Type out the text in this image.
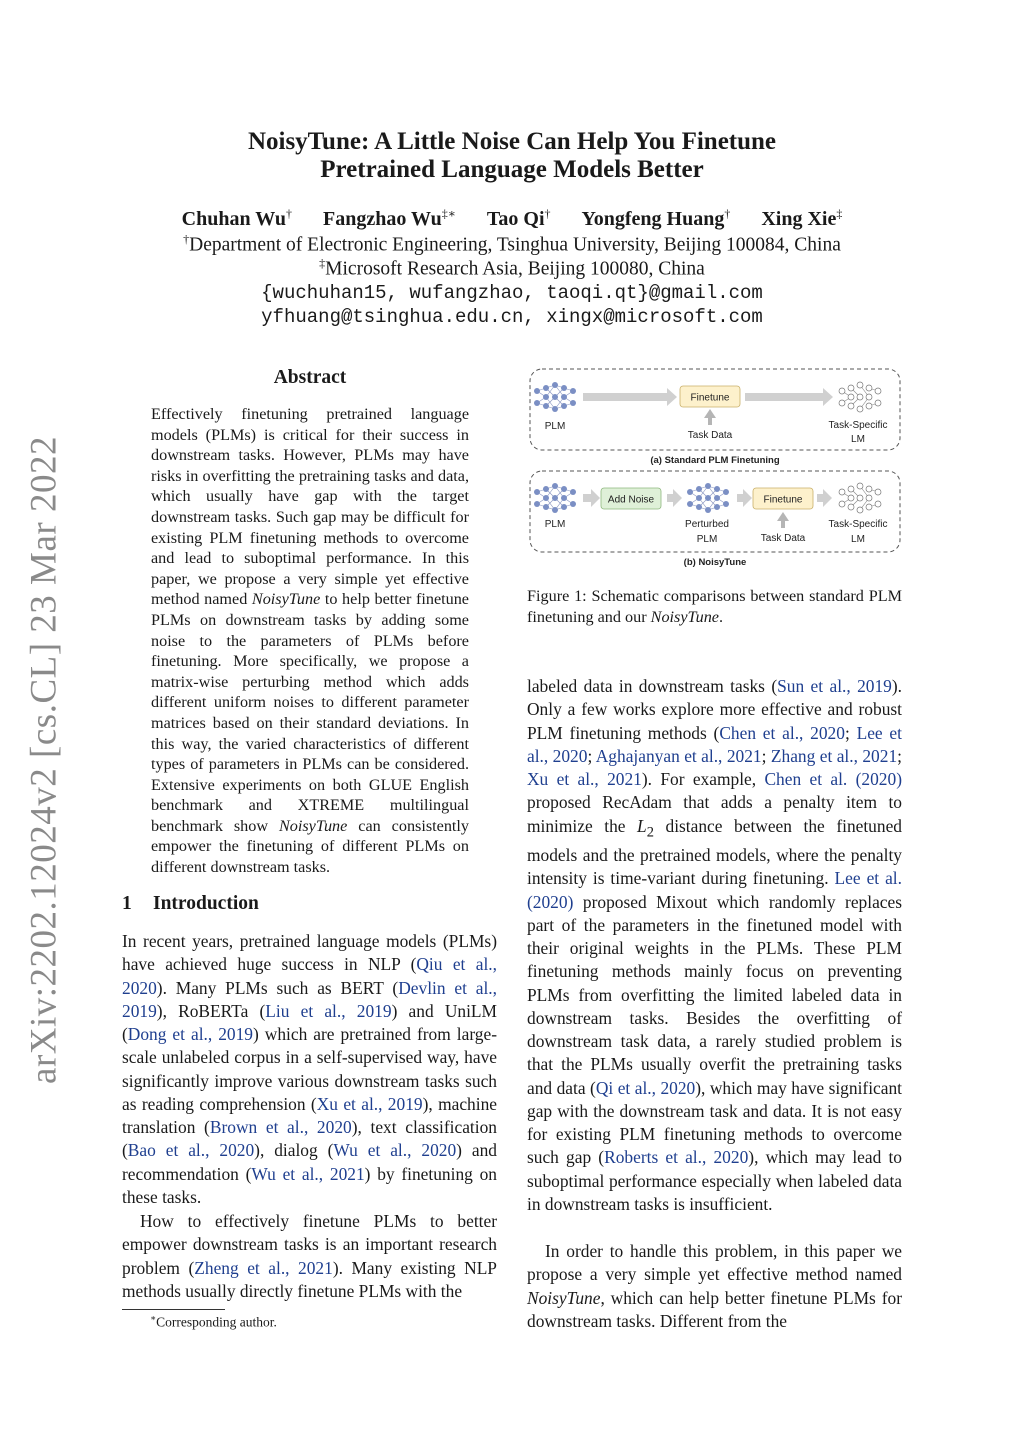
arXiv:2202.12024v2 [cs.CL] 23 Mar 2022
NoisyTune: A Little Noise Can Help You Finetune
Pretrained Language Models Better
Chuhan Wu† Fangzhao Wu‡∗ Tao Qi† Yongfeng Huang† Xing Xie‡
†Department of Electronic Engineering, Tsinghua University, Beijing 100084, China
‡Microsoft Research Asia, Beijing 100080, China
{wuchuhan15, wufangzhao, taoqi.qt}@gmail.com
yfhuang@tsinghua.edu.cn, xingx@microsoft.com
Abstract
Effectively finetuning pretrained language models (PLMs) is critical for their success in downstream tasks. However, PLMs may have risks in overfitting the pretraining tasks and data, which usually have gap with the target downstream tasks. Such gap may be difficult for existing PLM finetuning methods to overcome and lead to suboptimal performance. In this paper, we propose a very simple yet effective method named NoisyTune to help better finetune PLMs on downstream tasks by adding some noise to the parameters of PLMs before finetuning. More specifically, we propose a matrix-wise perturbing method which adds different uniform noises to different parameter matrices based on their standard deviations. In this way, the varied characteristics of different types of parameters in PLMs can be considered. Extensive experiments on both GLUE English benchmark and XTREME multilingual benchmark show NoisyTune can consistently empower the finetuning of different PLMs on different downstream tasks.
1 Introduction
In recent years, pretrained language models (PLMs) have achieved huge success in NLP (Qiu et al., 2020). Many PLMs such as BERT (Devlin et al., 2019), RoBERTa (Liu et al., 2019) and UniLM (Dong et al., 2019) which are pretrained from large-scale unlabeled corpus in a self-supervised way, have significantly improve various downstream tasks such as reading comprehension (Xu et al., 2019), machine translation (Brown et al., 2020), text classification (Bao et al., 2020), dialog (Wu et al., 2020) and recommendation (Wu et al., 2021) by finetuning on these tasks.
How to effectively finetune PLMs to better empower downstream tasks is an important research problem (Zheng et al., 2021). Many existing NLP methods usually directly finetune PLMs with the
∗Corresponding author.
Finetune
PLM
Task Data
Task-Specific
LM
(a) Standard PLM Finetuning
Add Noise	Finetune
PLM	Perturbed
PLM	Task Data
Task-Specific
LM
(b) NoisyTune
Figure 1: Schematic comparisons between standard PLM finetuning and our NoisyTune.
labeled data in downstream tasks (Sun et al., 2019). Only a few works explore more effective and robust PLM finetuning methods (Chen et al., 2020; Lee et al., 2020; Aghajanyan et al., 2021; Zhang et al., 2021; Xu et al., 2021). For example, Chen et al. (2020) proposed RecAdam that adds a penalty item to minimize the $L_2$ distance between the finetuned models and the pretrained models, where the penalty intensity is time-variant during finetuning. Lee et al. (2020) proposed Mixout which randomly replaces part of the parameters in the finetuned model with their original weights in the PLMs. These PLM finetuning methods mainly focus on preventing PLMs from overfitting the limited labeled data in downstream tasks. Besides the overfitting of downstream task data, a rarely studied problem is that the PLMs usually overfit the pretraining tasks and data (Qi et al., 2020), which may have significant gap with the downstream task and data. It is not easy for existing PLM finetuning methods to overcome such gap (Roberts et al., 2020), which may lead to suboptimal performance especially when labeled data in downstream tasks is insufficient.
In order to handle this problem, in this paper we propose a very simple yet effective method named NoisyTune, which can help better finetune PLMs for downstream tasks. Different from the
